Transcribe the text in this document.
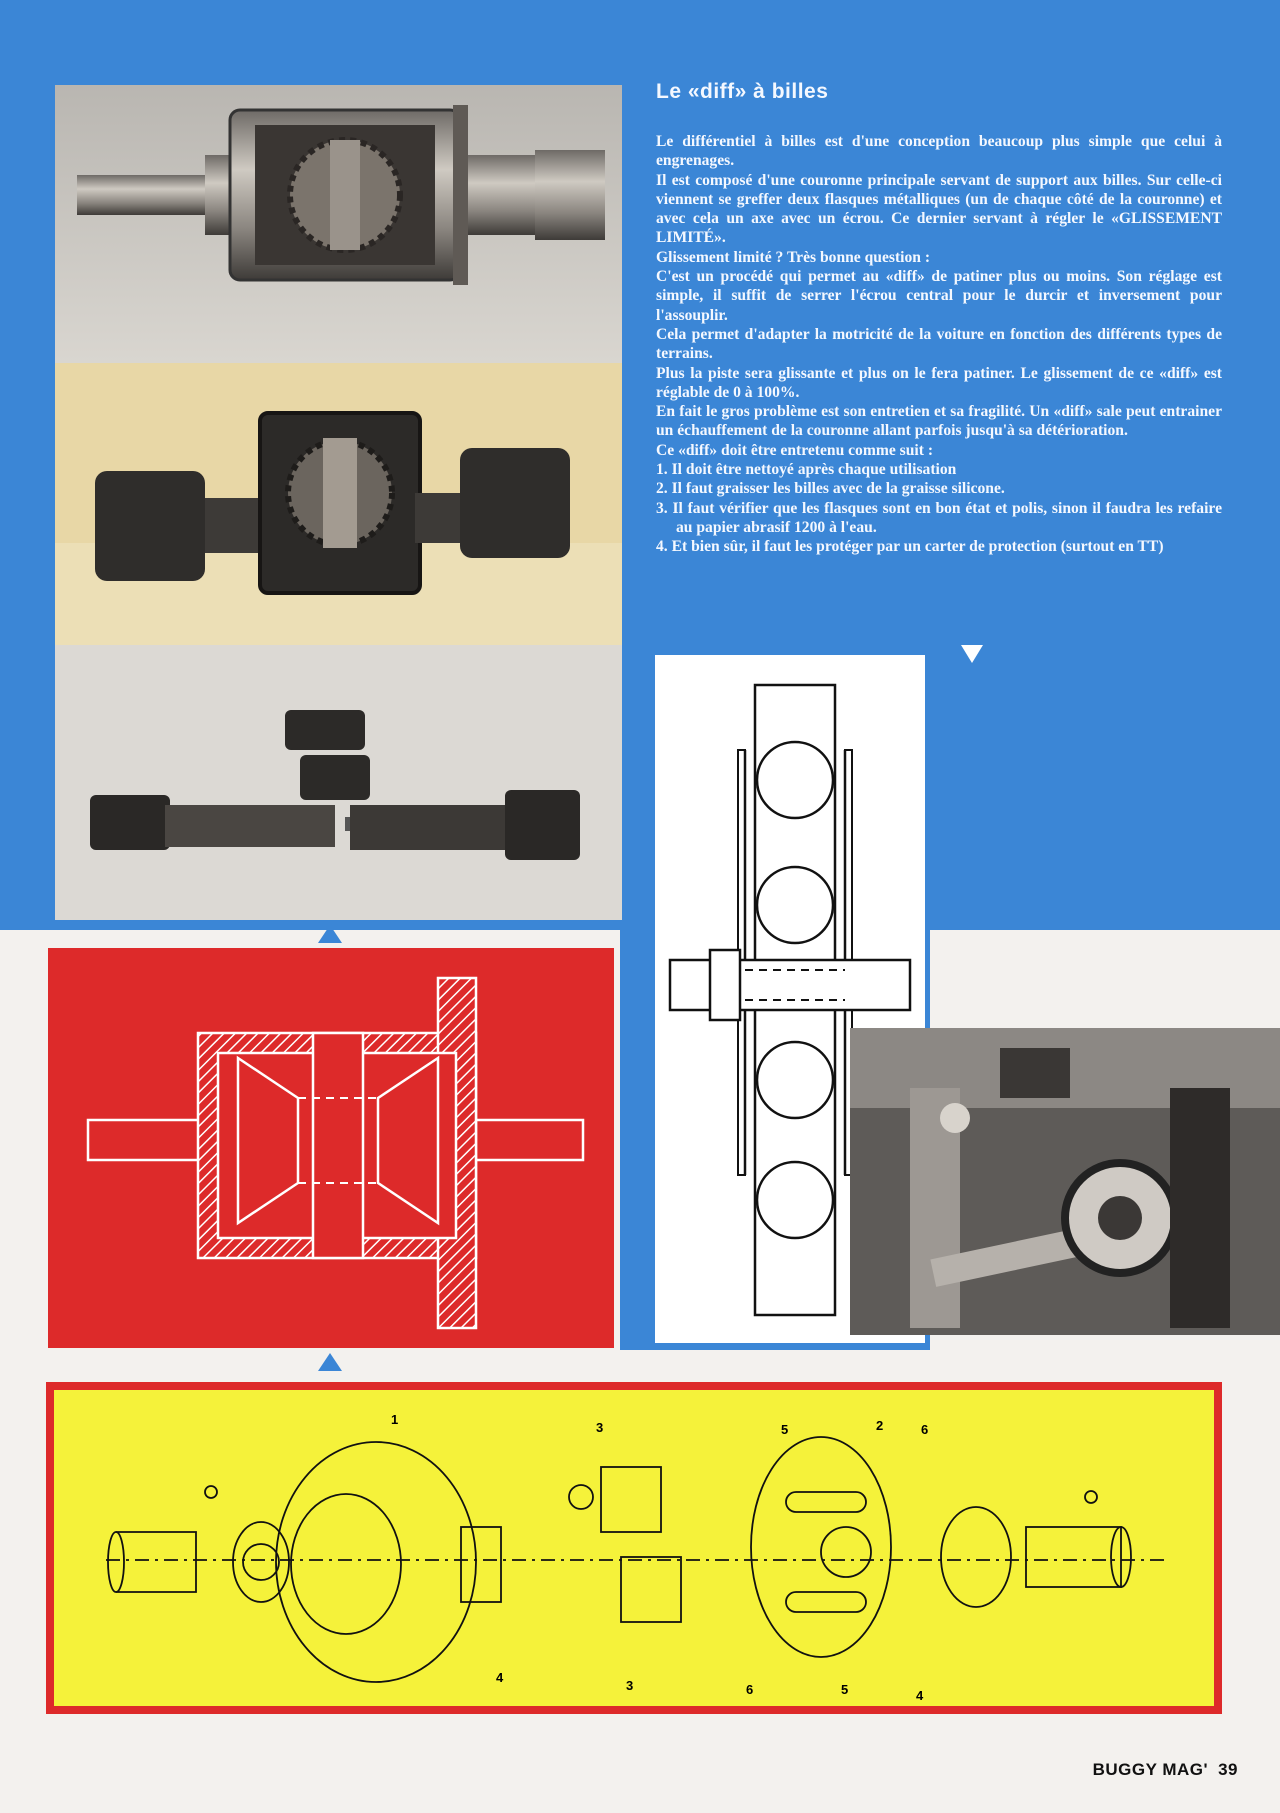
Le «diff» à billes

Le différentiel à billes est d'une conception beaucoup plus simple que celui à engrenages.

Il est composé d'une couronne principale servant de support aux billes. Sur celle-ci viennent se greffer deux flasques métalliques (un de chaque côté de la couronne) et avec cela un axe avec un écrou. Ce dernier servant à régler le «GLISSEMENT LIMITÉ».

Glissement limité ? Très bonne question :

C'est un procédé qui permet au «diff» de patiner plus ou moins. Son réglage est simple, il suffit de serrer l'écrou central pour le durcir et inversement pour l'assouplir.

Cela permet d'adapter la motricité de la voiture en fonction des différents types de terrains.

Plus la piste sera glissante et plus on le fera patiner. Le glissement de ce «diff» est réglable de 0 à 100%.

En fait le gros problème est son entretien et sa fragilité. Un «diff» sale peut entrainer un échauffement de la couronne allant parfois jusqu'à sa détérioration.

Ce «diff» doit être entretenu comme suit :

1. Il doit être nettoyé après chaque utilisation
2. Il faut graisser les billes avec de la graisse silicone.
3. Il faut vérifier que les flasques sont en bon état et polis, sinon il faudra les refaire au papier abrasif 1200 à l'eau.
4. Et bien sûr, il faut les protéger par un carter de protection (surtout en TT)
1
3	5	2	6
4
3	6	5	4
BUGGY MAG' 39
